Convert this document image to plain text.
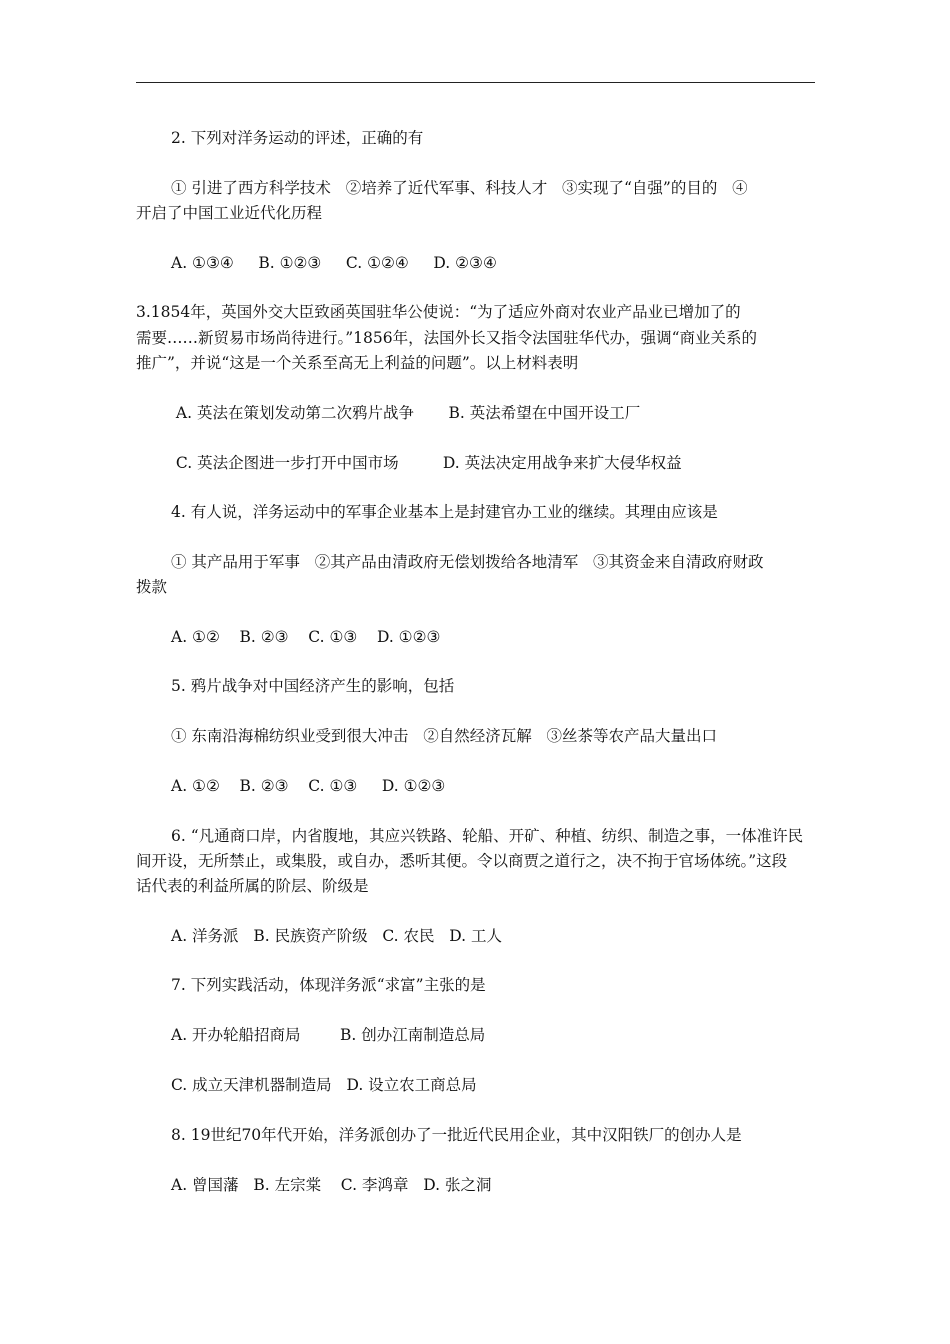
2. 下列对洋务运动的评述，正确的有
① 引进了西方科学技术   ②培养了近代军事、科技人才   ③实现了“自强”的目的   ④
开启了中国工业近代化历程
A. ①③④     B. ①②③     C. ①②④     D. ②③④
3.1854年，英国外交大臣致函英国驻华公使说：“为了适应外商对农业产品业已增加了的
需要……新贸易市场尚待进行。”1856年，法国外长又指令法国驻华代办，强调“商业关系的
推广”，并说“这是一个关系至高无上利益的问题”。以上材料表明
A. 英法在策划发动第二次鸦片战争       B. 英法希望在中国开设工厂
C. 英法企图进一步打开中国市场         D. 英法决定用战争来扩大侵华权益
4. 有人说，洋务运动中的军事企业基本上是封建官办工业的继续。其理由应该是
① 其产品用于军事   ②其产品由清政府无偿划拨给各地清军   ③其资金来自清政府财政
拨款
A. ①②    B. ②③    C. ①③    D. ①②③
5. 鸦片战争对中国经济产生的影响，包括
① 东南沿海棉纺织业受到很大冲击   ②自然经济瓦解   ③丝茶等农产品大量出口
A. ①②    B. ②③    C. ①③     D. ①②③
6. “凡通商口岸，内省腹地，其应兴铁路、轮船、开矿、种植、纺织、制造之事，一体准许民
间开设，无所禁止，或集股，或自办，悉听其便。令以商贾之道行之，决不拘于官场体统。”这段
话代表的利益所属的阶层、阶级是
A. 洋务派   B. 民族资产阶级   C. 农民   D. 工人
7. 下列实践活动，体现洋务派“求富”主张的是
A. 开办轮船招商局        B. 创办江南制造总局
C. 成立天津机器制造局   D. 设立农工商总局
8. 19世纪70年代开始，洋务派创办了一批近代民用企业，其中汉阳铁厂的创办人是
A. 曾国藩   B. 左宗棠    C. 李鸿章   D. 张之洞
